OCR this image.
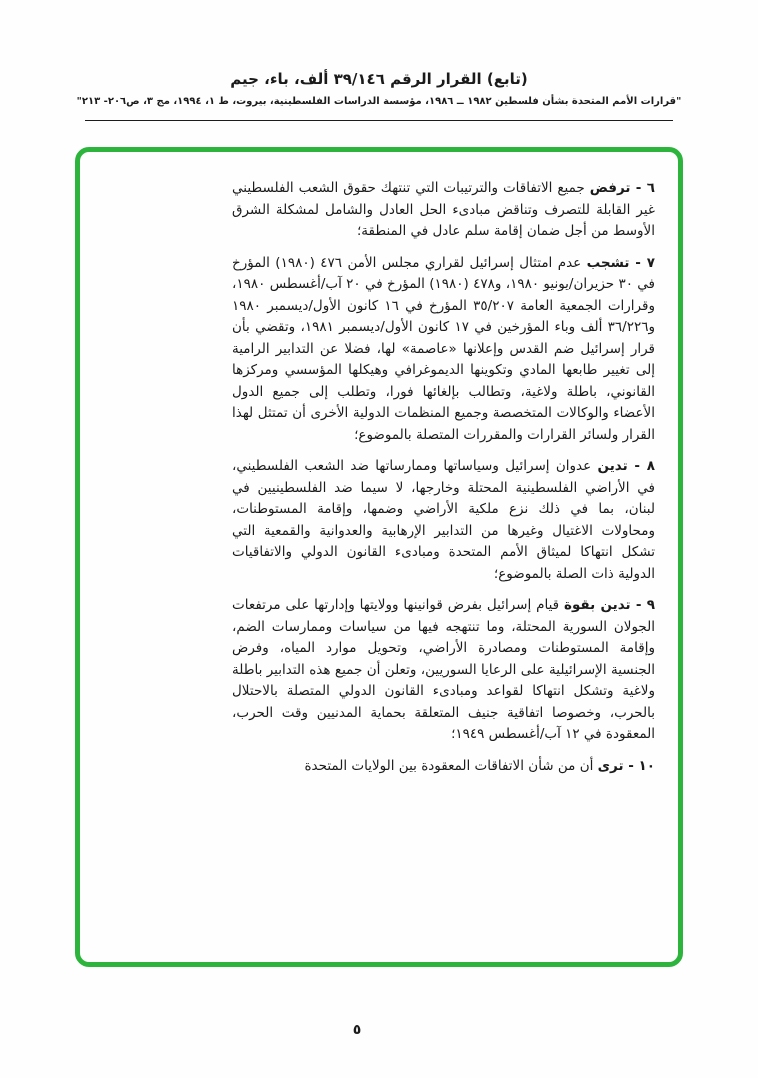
(تابع) القرار الرقم ٣٩/١٤٦ ألف، باء، جيم
"قرارات الأمم المتحدة بشأن فلسطين ١٩٨٢ ــ ١٩٨٦، مؤسسة الدراسات الفلسطينية، بيروت، ط ١، ١٩٩٤، مج ٣، ص٢٠٦- ٢١٣"

٦ - ترفض جميع الاتفاقات والترتيبات التي تنتهك حقوق الشعب الفلسطيني غير القابلة للتصرف وتناقض مبادىء الحل العادل والشامل لمشكلة الشرق الأوسط من أجل ضمان إقامة سلم عادل في المنطقة؛

٧ - تشجب عدم امتثال إسرائيل لقراري مجلس الأمن ٤٧٦ (١٩٨٠) المؤرخ في ٣٠ حزيران/يونيو ١٩٨٠، و٤٧٨ (١٩٨٠) المؤرخ في ٢٠ آب/أغسطس ١٩٨٠، وقرارات الجمعية العامة ٣٥/٢٠٧ المؤرخ في ١٦ كانون الأول/ديسمبر ١٩٨٠ و٣٦/٢٢٦ ألف وباء المؤرخين في ١٧ كانون الأول/ديسمبر ١٩٨١، وتقضي بأن قرار إسرائيل ضم القدس وإعلانها «عاصمة» لها، فضلا عن التدابير الرامية إلى تغيير طابعها المادي وتكوينها الديموغرافي وهيكلها المؤسسي ومركزها القانوني، باطلة ولاغية، وتطالب بإلغائها فورا، وتطلب إلى جميع الدول الأعضاء والوكالات المتخصصة وجميع المنظمات الدولية الأخرى أن تمتثل لهذا القرار ولسائر القرارات والمقررات المتصلة بالموضوع؛

٨ - تدين عدوان إسرائيل وسياساتها وممارساتها ضد الشعب الفلسطيني، في الأراضي الفلسطينية المحتلة وخارجها، لا سيما ضد الفلسطينيين في لبنان، بما في ذلك نزع ملكية الأراضي وضمها، وإقامة المستوطنات، ومحاولات الاغتيال وغيرها من التدابير الإرهابية والعدوانية والقمعية التي تشكل انتهاكا لميثاق الأمم المتحدة ومبادىء القانون الدولي والاتفاقيات الدولية ذات الصلة بالموضوع؛

٩ - تدين بقوة قيام إسرائيل بفرض قوانينها وولايتها وإدارتها على مرتفعات الجولان السورية المحتلة، وما تنتهجه فيها من سياسات وممارسات الضم، وإقامة المستوطنات ومصادرة الأراضي، وتحويل موارد المياه، وفرض الجنسية الإسرائيلية على الرعايا السوريين، وتعلن أن جميع هذه التدابير باطلة ولاغية وتشكل انتهاكا لقواعد ومبادىء القانون الدولي المتصلة بالاحتلال بالحرب، وخصوصا اتفاقية جنيف المتعلقة بحماية المدنيين وقت الحرب، المعقودة في ١٢ آب/أغسطس ١٩٤٩؛

١٠ - ترى أن من شأن الاتفاقات المعقودة بين الولايات المتحدة

٥
